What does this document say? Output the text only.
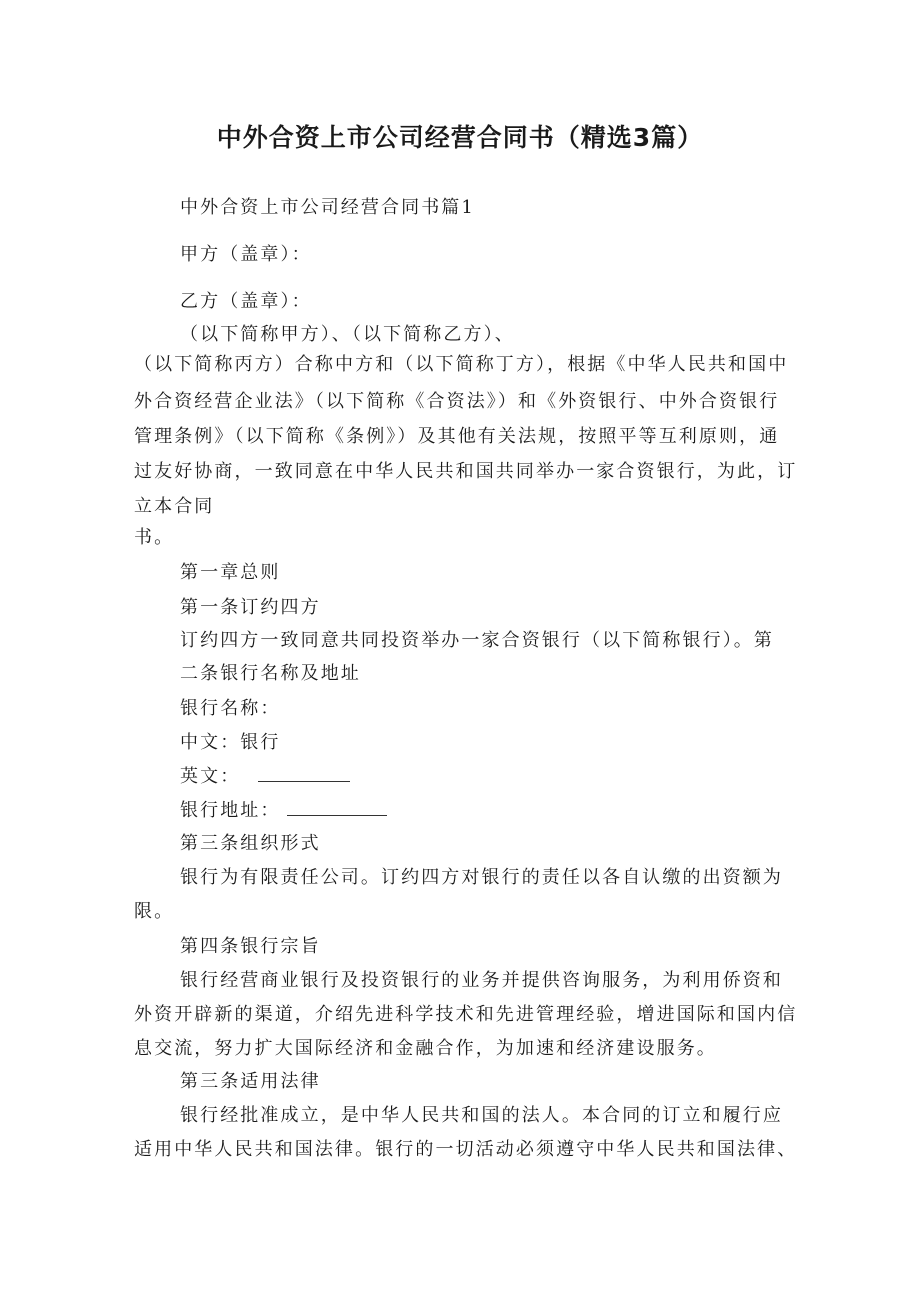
中外合资上市公司经营合同书（精选3篇）
中外合资上市公司经营合同书篇1
甲方（盖章）：
乙方（盖章）：
（以下简称甲方）、（以下简称乙方）、
（以下简称丙方）合称中方和（以下简称丁方），根据《中华人民共和国中
外合资经营企业法》（以下简称《合资法》）和《外资银行、中外合资银行
管理条例》（以下简称《条例》）及其他有关法规，按照平等互利原则，通
过友好协商，一致同意在中华人民共和国共同举办一家合资银行，为此，订
立本合同
书。
第一章总则
第一条订约四方
订约四方一致同意共同投资举办一家合资银行（以下简称银行）。第
二条银行名称及地址
银行名称：
中文：银行
英文：
银行地址：
第三条组织形式
银行为有限责任公司。订约四方对银行的责任以各自认缴的出资额为
限。
第四条银行宗旨
银行经营商业银行及投资银行的业务并提供咨询服务，为利用侨资和
外资开辟新的渠道，介绍先进科学技术和先进管理经验，增进国际和国内信
息交流，努力扩大国际经济和金融合作，为加速和经济建设服务。
第三条适用法律
银行经批准成立，是中华人民共和国的法人。本合同的订立和履行应
适用中华人民共和国法律。银行的一切活动必须遵守中华人民共和国法律、
